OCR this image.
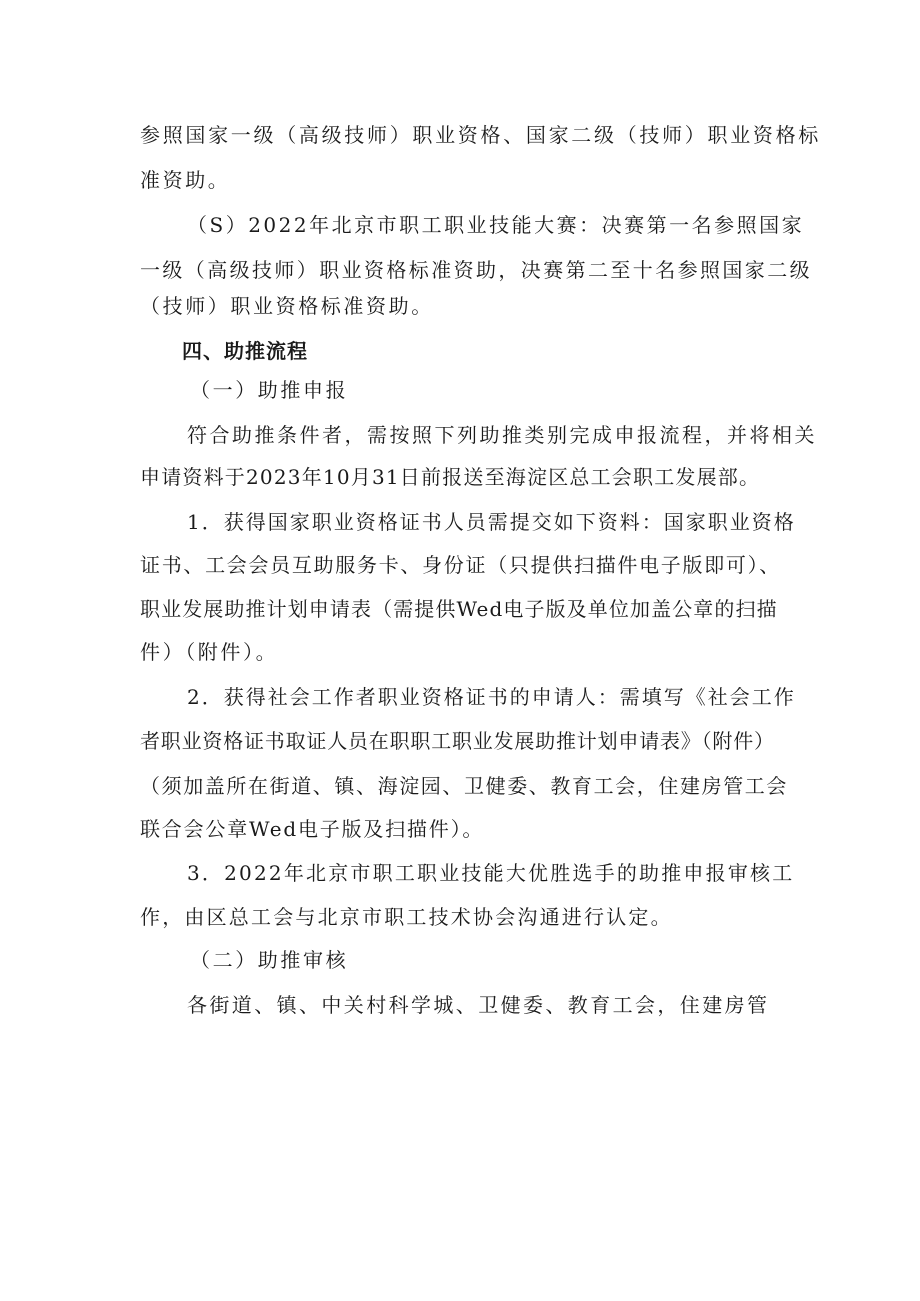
参照国家一级（高级技师）职业资格、国家二级（技师）职业资格标
准资助。
（S）2022年北京市职工职业技能大赛：决赛第一名参照国家
一级（高级技师）职业资格标准资助，决赛第二至十名参照国家二级
（技师）职业资格标准资助。
四、助推流程
（一）助推申报
符合助推条件者，需按照下列助推类别完成申报流程，并将相关
申请资料于2023年10月31日前报送至海淀区总工会职工发展部。
1．获得国家职业资格证书人员需提交如下资料：国家职业资格
证书、工会会员互助服务卡、身份证（只提供扫描件电子版即可）、
职业发展助推计划申请表（需提供Wed电子版及单位加盖公章的扫描
件）（附件）。
2．获得社会工作者职业资格证书的申请人：需填写《社会工作
者职业资格证书取证人员在职职工职业发展助推计划申请表》（附件）
（须加盖所在街道、镇、海淀园、卫健委、教育工会，住建房管工会
联合会公章Wed电子版及扫描件）。
3．2022年北京市职工职业技能大优胜选手的助推申报审核工
作，由区总工会与北京市职工技术协会沟通进行认定。
（二）助推审核
各街道、镇、中关村科学城、卫健委、教育工会，住建房管
